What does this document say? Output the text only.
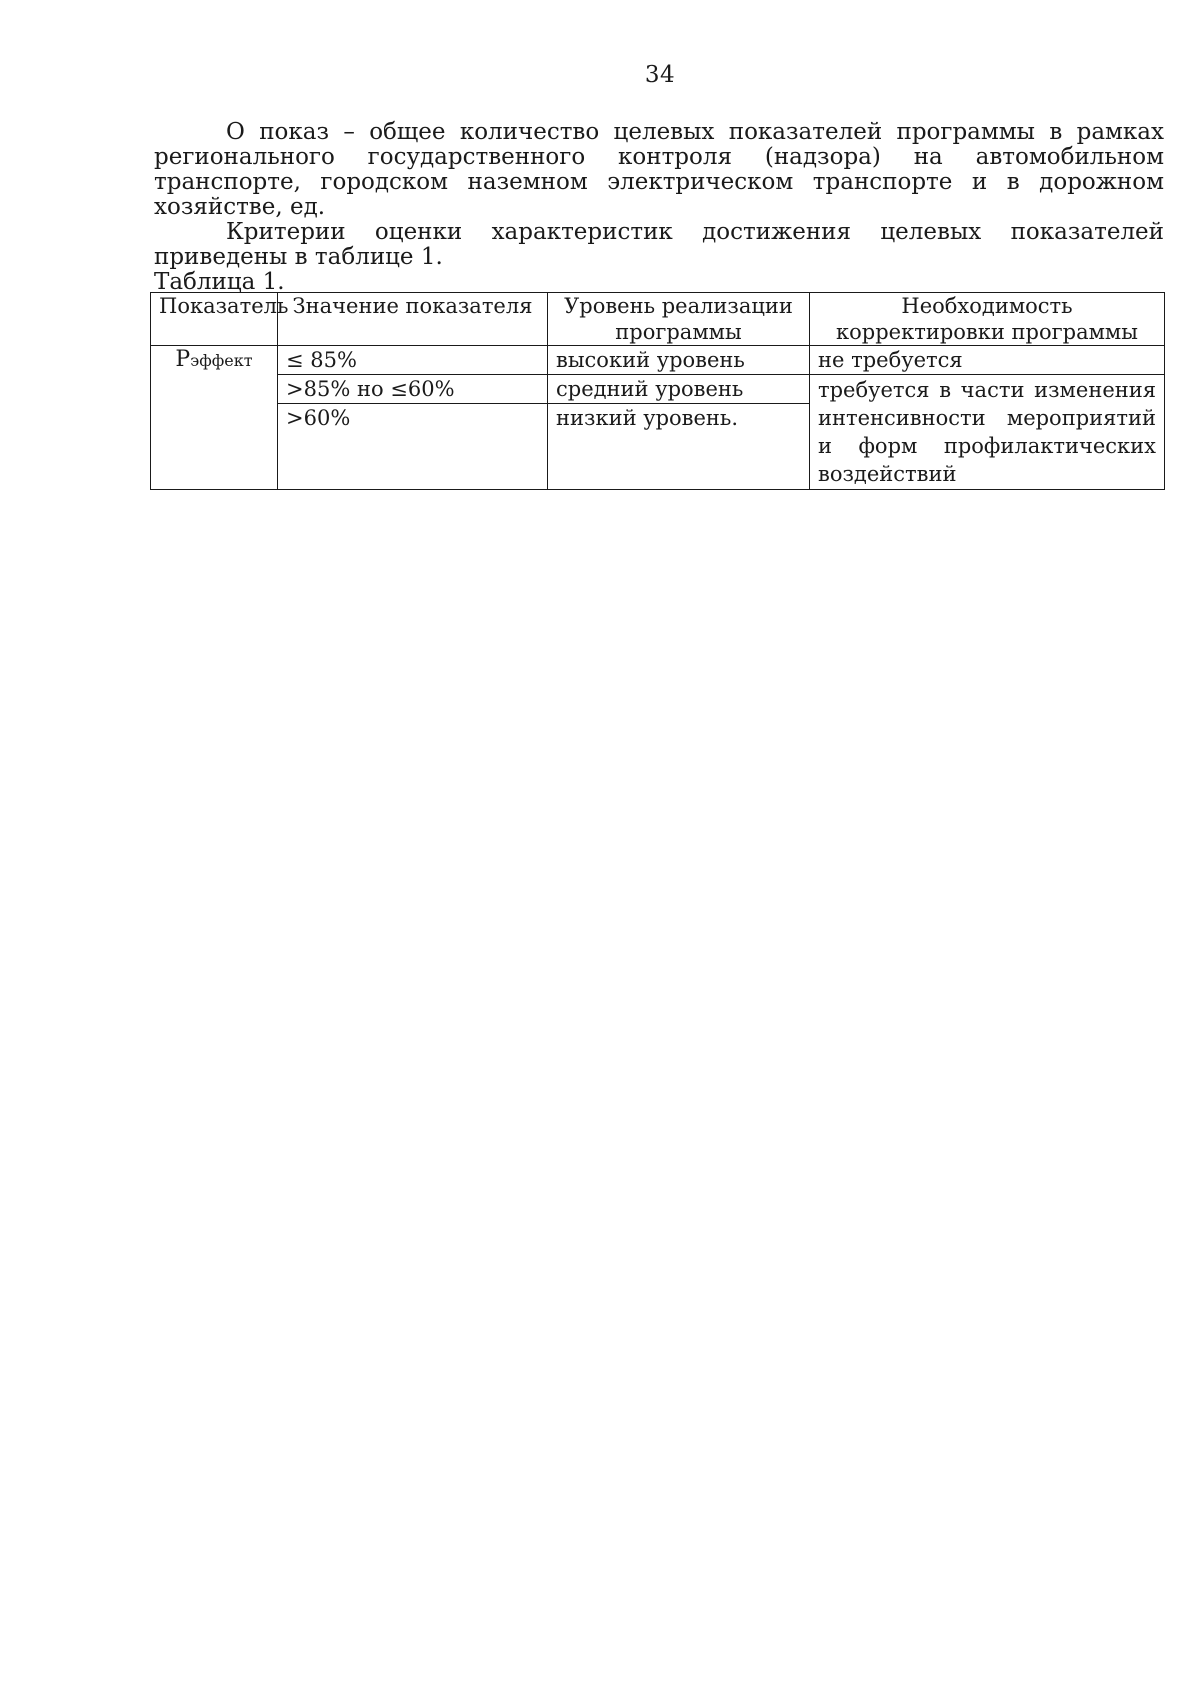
34

О показ – общее количество целевых показателей программы в рамках регионального государственного контроля (надзора) на автомобильном транспорте, городском наземном электрическом транспорте и в дорожном хозяйстве, ед.

Критерии оценки характеристик достижения целевых показателей приведены в таблице 1.

Таблица 1.

Показатель	Значение показателя	Уровень реализации программы	Необходимость корректировки программы
Рэффект	≤ 85%	высокий уровень	не требуется
	>85% но ≤60%	средний уровень	требуется в части изменения интенсивности мероприятий и форм профилактических воздействий
	>60%	низкий уровень.	
